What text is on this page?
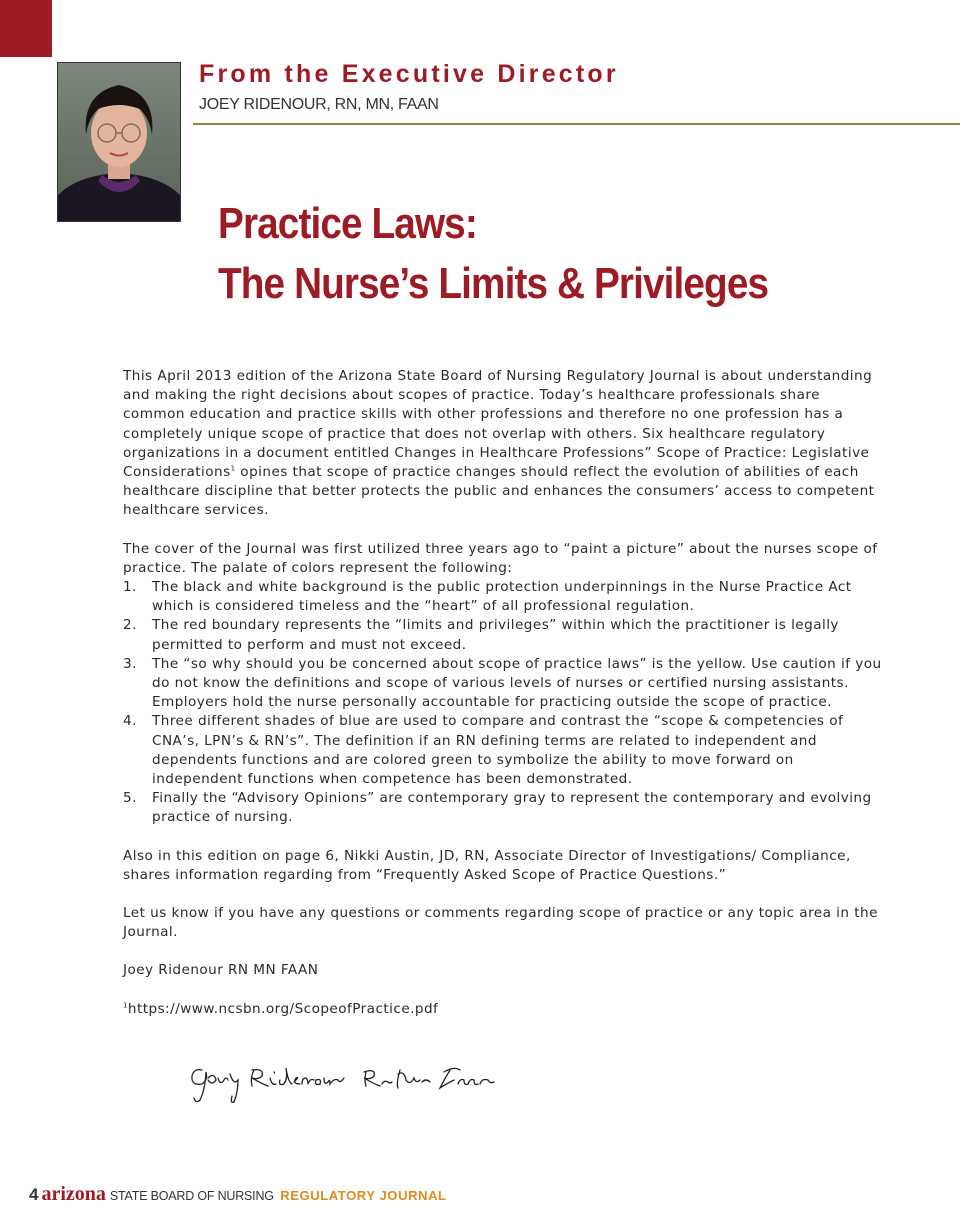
From the Executive Director

JOEY RIDENOUR, RN, MN, FAAN

Practice Laws:
The Nurse’s Limits & Privileges

This April 2013 edition of the Arizona State Board of Nursing Regulatory Journal is about understanding and making the right decisions about scopes of practice. Today’s healthcare professionals share common education and practice skills with other professions and therefore no one profession has a completely unique scope of practice that does not overlap with others. Six healthcare regulatory organizations in a document entitled Changes in Healthcare Professions” Scope of Practice: Legislative Considerations$^1$ opines that scope of practice changes should reflect the evolution of abilities of each healthcare discipline that better protects the public and enhances the consumers’ access to competent healthcare services.

The cover of the Journal was first utilized three years ago to “paint a picture” about the nurses scope of practice. The palate of colors represent the following:

1.	The black and white background is the public protection underpinnings in the Nurse Practice Act which is considered timeless and the “heart” of all professional regulation.
2.	The red boundary represents the “limits and privileges” within which the practitioner is legally permitted to perform and must not exceed.
3.	The “so why should you be concerned about scope of practice laws” is the yellow. Use caution if you do not know the definitions and scope of various levels of nurses or certified nursing assistants. Employers hold the nurse personally accountable for practicing outside the scope of practice.
4.	Three different shades of blue are used to compare and contrast the “scope & competencies of CNA’s, LPN’s & RN’s”. The definition if an RN defining terms are related to independent and dependents functions and are colored green to symbolize the ability to move forward on independent functions when competence has been demonstrated.
5.	Finally the “Advisory Opinions” are contemporary gray to represent the contemporary and evolving practice of nursing.

Also in this edition on page 6, Nikki Austin, JD, RN, Associate Director of Investigations/ Compliance, shares information regarding from “Frequently Asked Scope of Practice Questions.”

Let us know if you have any questions or comments regarding scope of practice or any topic area in the Journal.

Joey Ridenour RN MN FAAN

$^1$https://www.ncsbn.org/ScopeofPractice.pdf

4 arizona STATE BOARD OF NURSING REGULATORY JOURNAL
